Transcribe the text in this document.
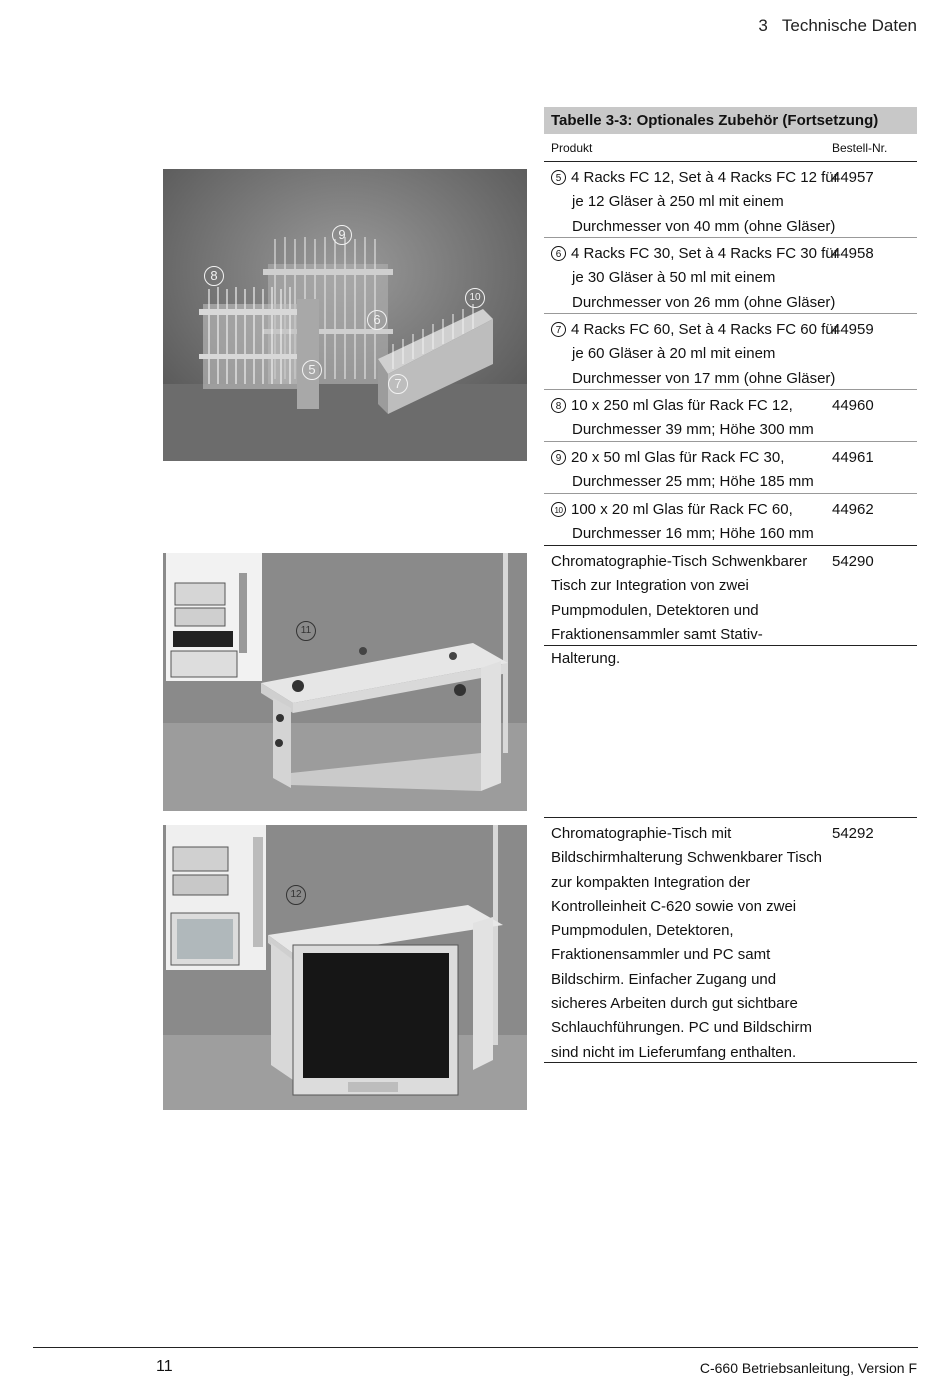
3 Technische Daten
Tabelle 3-3: Optionales Zubehör (Fortsetzung)
Produkt	Bestell-Nr.
5 4 Racks FC 12, Set à 4 Racks FC 12 für je 12 Gläser à 250 ml mit einem Durchmesser von 40 mm (ohne Gläser)
44957
6 4 Racks FC 30, Set à 4 Racks FC 30 für je 30 Gläser à 50 ml mit einem Durchmesser von 26 mm (ohne Gläser)
44958
7 4 Racks FC 60, Set à 4 Racks FC 60 für je 60 Gläser à 20 ml mit einem Durchmesser von 17 mm (ohne Gläser)
44959
8 10 x 250 ml Glas für Rack FC 12, Durchmesser 39 mm; Höhe 300 mm
44960
9 20 x 50 ml Glas für Rack FC 30, Durchmesser 25 mm; Höhe 185 mm
44961
10 100 x 20 ml Glas für Rack FC 60, Durchmesser 16 mm; Höhe 160 mm
44962
Chromatographie-Tisch Schwenkbarer Tisch zur Integration von zwei Pumpmodulen, Detektoren und Fraktionensammler samt Stativ-Halterung.
54290
Chromatographie-Tisch mit Bildschirmhalterung Schwenkbarer Tisch zur kompakten Integration der Kontrolleinheit C-620 sowie von zwei Pumpmodulen, Detektoren, Fraktionensammler und PC samt Bildschirm. Einfacher Zugang und sicheres Arbeiten durch gut sichtbare Schlauchführungen. PC und Bildschirm sind nicht im Lieferumfang enthalten.
54292
8
9
6
10
5
7
11
12
11	C-660 Betriebsanleitung, Version F
